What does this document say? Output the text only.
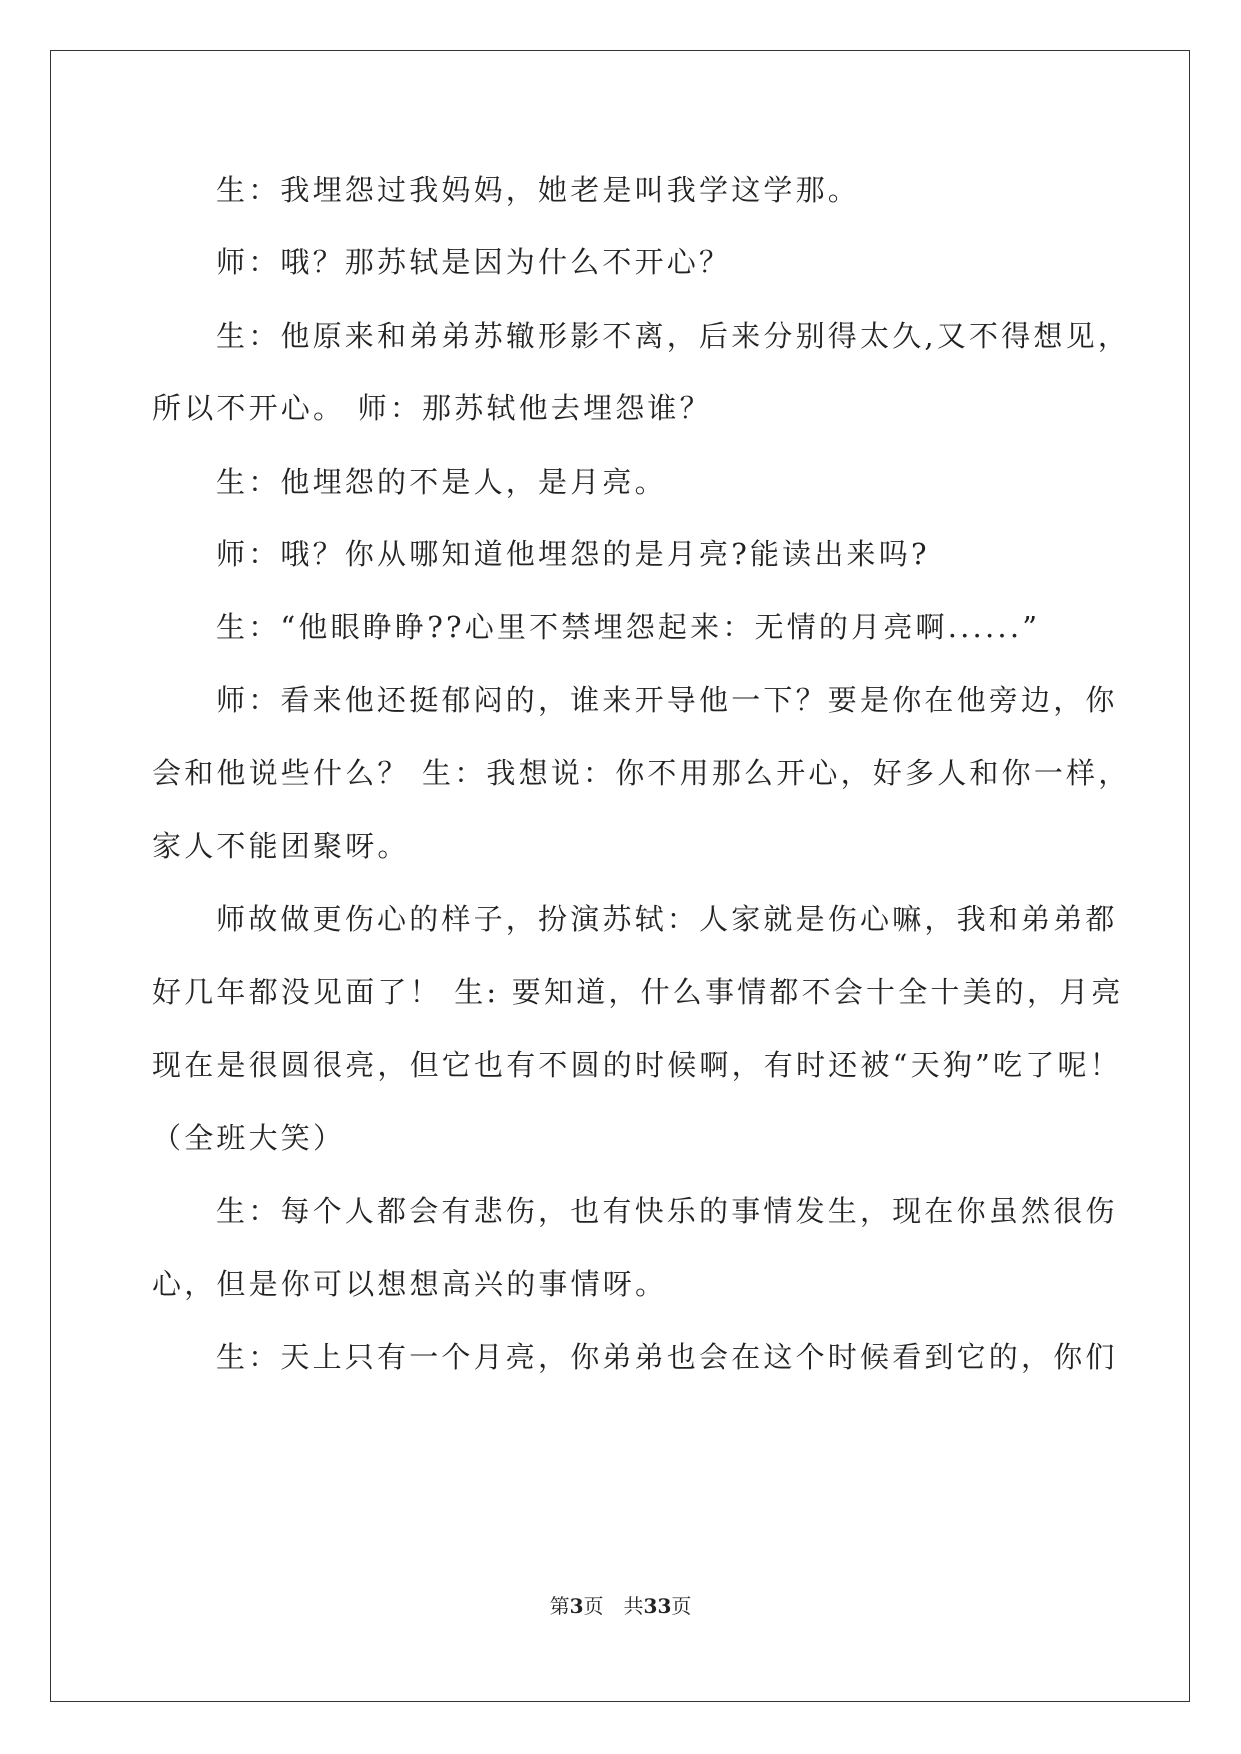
生：我埋怨过我妈妈，她老是叫我学这学那。
师：哦？那苏轼是因为什么不开心？
生：他原来和弟弟苏辙形影不离，后来分别得太久,又不得想见，
所以不开心。 师：那苏轼他去埋怨谁？
生：他埋怨的不是人，是月亮。
师：哦？你从哪知道他埋怨的是月亮?能读出来吗?
生：“他眼睁睁??心里不禁埋怨起来：无情的月亮啊......”
师：看来他还挺郁闷的，谁来开导他一下？要是你在他旁边，你
会和他说些什么？ 生：我想说：你不用那么开心，好多人和你一样，
家人不能团聚呀。
师故做更伤心的样子，扮演苏轼：人家就是伤心嘛，我和弟弟都
好几年都没见面了！ 生: 要知道，什么事情都不会十全十美的，月亮
现在是很圆很亮，但它也有不圆的时候啊，有时还被“天狗”吃了呢！
（全班大笑）
生：每个人都会有悲伤，也有快乐的事情发生，现在你虽然很伤
心，但是你可以想想高兴的事情呀。
生：天上只有一个月亮，你弟弟也会在这个时候看到它的，你们
第3页　共33页
